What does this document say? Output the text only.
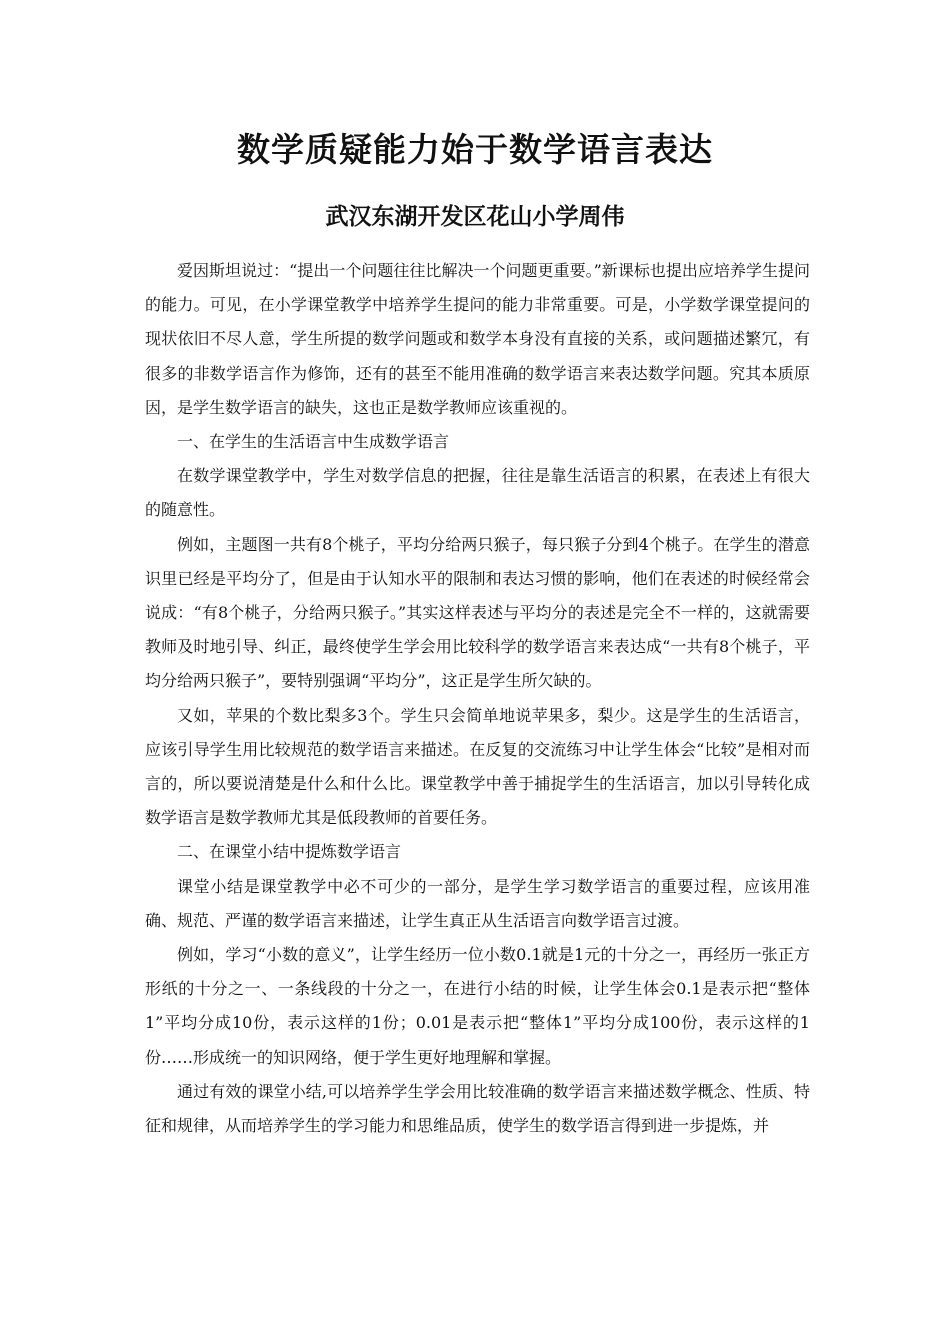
数学质疑能力始于数学语言表达
武汉东湖开发区花山小学周伟

爱因斯坦说过：“提出一个问题往往比解决一个问题更重要。”新课标也提出应培养学生提问的能力。可见，在小学课堂教学中培养学生提问的能力非常重要。可是，小学数学课堂提问的现状依旧不尽人意，学生所提的数学问题或和数学本身没有直接的关系，或问题描述繁冗，有很多的非数学语言作为修饰，还有的甚至不能用准确的数学语言来表达数学问题。究其本质原因，是学生数学语言的缺失，这也正是数学教师应该重视的。

一、在学生的生活语言中生成数学语言

在数学课堂教学中，学生对数学信息的把握，往往是靠生活语言的积累，在表述上有很大的随意性。

例如，主题图一共有8个桃子，平均分给两只猴子，每只猴子分到4个桃子。在学生的潜意识里已经是平均分了，但是由于认知水平的限制和表达习惯的影响，他们在表述的时候经常会说成：“有8个桃子，分给两只猴子。”其实这样表述与平均分的表述是完全不一样的，这就需要教师及时地引导、纠正，最终使学生学会用比较科学的数学语言来表达成“一共有8个桃子，平均分给两只猴子”，要特别强调“平均分”，这正是学生所欠缺的。

又如，苹果的个数比梨多3个。学生只会简单地说苹果多，梨少。这是学生的生活语言，应该引导学生用比较规范的数学语言来描述。在反复的交流练习中让学生体会“比较”是相对而言的，所以要说清楚是什么和什么比。课堂教学中善于捕捉学生的生活语言，加以引导转化成数学语言是数学教师尤其是低段教师的首要任务。

二、在课堂小结中提炼数学语言

课堂小结是课堂教学中必不可少的一部分，是学生学习数学语言的重要过程，应该用准确、规范、严谨的数学语言来描述，让学生真正从生活语言向数学语言过渡。

例如，学习“小数的意义”，让学生经历一位小数0.1就是1元的十分之一，再经历一张正方形纸的十分之一、一条线段的十分之一，在进行小结的时候，让学生体会0.1是表示把“整体1”平均分成10份，表示这样的1份；0.01是表示把“整体1”平均分成100份，表示这样的1份……形成统一的知识网络，便于学生更好地理解和掌握。

通过有效的课堂小结,可以培养学生学会用比较准确的数学语言来描述数学概念、性质、特征和规律，从而培养学生的学习能力和思维品质，使学生的数学语言得到进一步提炼，并
